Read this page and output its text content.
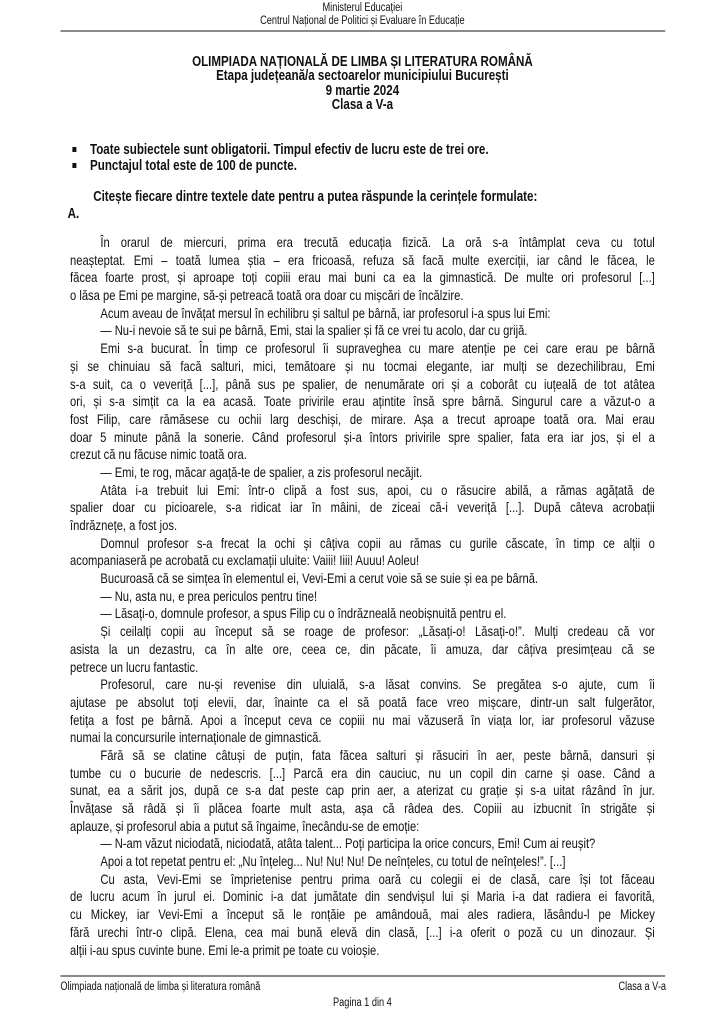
Ministerul Educației
Centrul Național de Politici și Evaluare în Educație
OLIMPIADA NAȚIONALĂ DE LIMBA ȘI LITERATURA ROMÂNĂ
Etapa județeană/a sectoarelor municipiului București
9 martie 2024
Clasa a V-a
Toate subiectele sunt obligatorii. Timpul efectiv de lucru este de trei ore.
Punctajul total este de 100 de puncte.
Citește fiecare dintre textele date pentru a putea răspunde la cerințele formulate:
A.
În orarul de miercuri, prima era trecută educația fizică. La oră s-a întâmplat ceva cu totul
neașteptat. Emi – toată lumea știa – era fricoasă, refuza să facă multe exerciții, iar când le făcea, le
făcea foarte prost, și aproape toți copiii erau mai buni ca ea la gimnastică. De multe ori profesorul [...]
o lăsa pe Emi pe margine, să-și petreacă toată ora doar cu mișcări de încălzire.
Acum aveau de învățat mersul în echilibru și saltul pe bârnă, iar profesorul i-a spus lui Emi:
— Nu-i nevoie să te sui pe bârnă, Emi, stai la spalier și fă ce vrei tu acolo, dar cu grijă.
Emi s-a bucurat. În timp ce profesorul îi supraveghea cu mare atenție pe cei care erau pe bârnă
și se chinuiau să facă salturi, mici, temătoare și nu tocmai elegante, iar mulți se dezechilibrau, Emi
s-a suit, ca o veveriță [...], până sus pe spalier, de nenumărate ori și a coborât cu iuțeală de tot atâtea
ori, și s-a simțit ca la ea acasă. Toate privirile erau ațintite însă spre bârnă. Singurul care a văzut-o a
fost Filip, care rămăsese cu ochii larg deschiși, de mirare. Așa a trecut aproape toată ora. Mai erau
doar 5 minute până la sonerie. Când profesorul și-a întors privirile spre spalier, fata era iar jos, și el a
crezut că nu făcuse nimic toată ora.
— Emi, te rog, măcar agață-te de spalier, a zis profesorul necăjit.
Atâta i-a trebuit lui Emi: într-o clipă a fost sus, apoi, cu o răsucire abilă, a rămas agățată de
spalier doar cu picioarele, s-a ridicat iar în mâini, de ziceai că-i veveriță [...]. După câteva acrobații
îndrăznețe, a fost jos.
Domnul profesor s-a frecat la ochi și câțiva copii au rămas cu gurile căscate, în timp ce alții o
acompaniaseră pe acrobată cu exclamații uluite: Vaiii! Iiii! Auuu! Aoleu!
Bucuroasă că se simțea în elementul ei, Vevi-Emi a cerut voie să se suie și ea pe bârnă.
— Nu, asta nu, e prea periculos pentru tine!
— Lăsați-o, domnule profesor, a spus Filip cu o îndrăzneală neobișnuită pentru el.
Și ceilalți copii au început să se roage de profesor: „Lăsați-o! Lăsați-o!”. Mulți credeau că vor
asista la un dezastru, ca în alte ore, ceea ce, din păcate, îi amuza, dar câțiva presimțeau că se
petrece un lucru fantastic.
Profesorul, care nu-și revenise din uluială, s-a lăsat convins. Se pregătea s-o ajute, cum îi
ajutase pe absolut toți elevii, dar, înainte ca el să poată face vreo mișcare, dintr-un salt fulgerător,
fetița a fost pe bârnă. Apoi a început ceva ce copiii nu mai văzuseră în viața lor, iar profesorul văzuse
numai la concursurile internaționale de gimnastică.
Fără să se clatine câtuși de puțin, fata făcea salturi și răsuciri în aer, peste bârnă, dansuri și
tumbe cu o bucurie de nedescris. [...] Parcă era din cauciuc, nu un copil din carne și oase. Când a
sunat, ea a sărit jos, după ce s-a dat peste cap prin aer, a aterizat cu grație și s-a uitat râzând în jur.
Învățase să râdă și îi plăcea foarte mult asta, așa că râdea des. Copiii au izbucnit în strigăte și
aplauze, și profesorul abia a putut să îngaime, înecându-se de emoție:
— N-am văzut niciodată, niciodată, atâta talent... Poți participa la orice concurs, Emi! Cum ai reușit?
Apoi a tot repetat pentru el: „Nu înțeleg... Nu! Nu! Nu! De neînțeles, cu totul de neînțeles!”. [...]
Cu asta, Vevi-Emi se împrietenise pentru prima oară cu colegii ei de clasă, care își tot făceau
de lucru acum în jurul ei. Dominic i-a dat jumătate din sendvișul lui și Maria i-a dat radiera ei favorită,
cu Mickey, iar Vevi-Emi a început să le ronțăie pe amândouă, mai ales radiera, lăsându-l pe Mickey
fără urechi într-o clipă. Elena, cea mai bună elevă din clasă, [...] i-a oferit o poză cu un dinozaur. Și
alții i-au spus cuvinte bune. Emi le-a primit pe toate cu voioșie.
Olimpiada națională de limba și literatura română	Clasa a V-a
Pagina 1 din 4
